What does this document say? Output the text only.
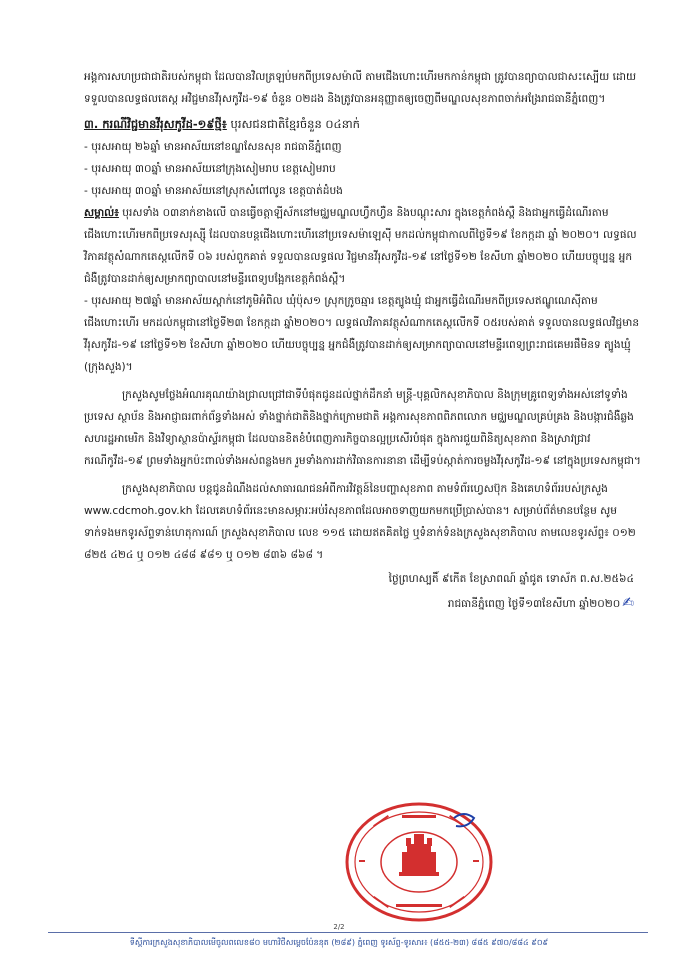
អង្គការសហប្រជាជាតិរបស់កម្ពុជា ដែលបានវិលត្រឡប់មកពីប្រទេសម៉ាលី តាមជើងហោះហើរមកកាន់កម្ពុជា ត្រូវបានព្យាបាលជាសះស្បើយ ដោយទទួលបានលទ្ធផលតេស្ត អវិជ្ជមានវីរុសកូវីដ-១៩ ចំនួន ០២ដង និងត្រូវបានអនុញ្ញាតឲ្យចេញពីមណ្ឌលសុខភាពចាក់អង្រែរាជធានីភ្នំពេញ។

៣. ករណីវិជ្ជមានវីរុសកូវីដ-១៩ថ្មី៖ បុរសជនជាតិខ្មែរចំនួន ០៤នាក់

- បុរសអាយុ ២៦ឆ្នាំ មានអាស័យនៅខណ្ឌសែនសុខ រាជធានីភ្នំពេញ

- បុរសអាយុ ៣០ឆ្នាំ មានអាស័យនៅក្រុងសៀមរាប ខេត្តសៀមរាប

- បុរសអាយុ ៣០ឆ្នាំ មានអាស័យនៅស្រុកសំពៅលូន ខេត្តបាត់ដំបង

សម្គាល់៖ បុរសទាំង ០៣នាក់ខាងលើ បានធ្វើចត្តាឡីស័កនៅមជ្ឈមណ្ឌលហ្វឹកហ្វឺន និងបណ្តុះសារ ក្នុងខេត្តកំពង់ស្ពឺ និងជាអ្នកធ្វើដំណើរតាមជើងហោះហើរមកពីប្រទេសរុស្ស៊ី ដែលបានបន្តជើងហោះហើរនៅប្រទេសម៉ាឡេស៊ី មកដល់កម្ពុជាកាលពីថ្ងៃទី១៩ ខែកក្កដា ឆ្នាំ ២០២០។ លទ្ធផលវិភាគវត្ថុសំណាកតេស្តលើកទី ០៦ របស់ពួកគាត់ ទទួលបានលទ្ធផល វិជ្ជមានវីរុសកូវីដ-១៩ នៅថ្ងៃទី១២ ខែសីហា ឆ្នាំ២០២០ ហើយបច្ចុប្បន្ន អ្នកជំងឺត្រូវបានដាក់ឲ្យសម្រាកព្យាបាលនៅមន្ទីរពេទ្យបង្អែកខេត្តកំពង់ស្ពឺ។

- បុរសអាយុ ២៧ឆ្នាំ មានអាស័យស្ពាក់នៅភូមិអំពិល ឃុំប៉ុស១ ស្រុកក្រូចឆ្មារ ខេត្តត្បូងឃ្មុំ ជាអ្នកធ្វើដំណើរមកពីប្រទេសឥណ្ឌូណេស៊ីតាមជើងហោះហើរ មកដល់កម្ពុជានៅថ្ងៃទី២៣ ខែកក្កដា ឆ្នាំ២០២០។ លទ្ធផលវិភាគវត្ថុសំណាកតេស្តលើកទី ០៥របស់គាត់ ទទួលបានលទ្ធផលវិជ្ជមានវីរុសកូវីដ-១៩ នៅថ្ងៃទី១២ ខែសីហា ឆ្នាំ២០២០ ហើយបច្ចុប្បន្ន អ្នកជំងឺត្រូវបានដាក់ឲ្យសម្រាកព្យាបាលនៅមន្ទីរពេទ្យព្រះរាជគេមរផឹមិនទ ត្បូងឃ្មុំ (ក្រុងសួង)។

ក្រសួងសូមថ្លែងអំណរគុណយ៉ាងជ្រាលជ្រៅជាទីបំផុតជូនដល់ថ្នាក់ដឹកនាំ មន្ត្រី-បុគ្គលិកសុខាភិបាល និងក្រុមគ្រូពេទ្យទាំងអស់នៅទូទាំងប្រទេស ស្ថាប័ន និងអាជ្ញាធរពាក់ព័ន្ធទាំងអស់ ទាំងថ្នាក់ជាតិនិងថ្នាក់ក្រោមជាតិ អង្គការសុខភាពពិភពលោក មជ្ឈមណ្ឌលគ្រប់គ្រង និងបង្ការជំងឺឆ្លងសហរដ្ឋអាមេរិក និងវិទ្យាស្ថានប៉ាស្ទ័រកម្ពុជា ដែលបានខិតខំបំពេញភារកិច្ចបានល្អប្រសើរបំផុត ក្នុងការជួយពិនិត្យសុខភាព និងស្រាវជ្រាវករណីកូវីដ-១៩ ព្រមទាំងអ្នកប៉ះពាល់ទាំងអស់ពន្លងមក រួមទាំងការដាក់វិធានការនានា ដើម្បីទប់ស្កាត់ការចម្លងវីរុសកូវីដ-១៩ នៅក្នុងប្រទេសកម្ពុជា។

ក្រសួងសុខាភិបាល បន្តជូនដំណឹងដល់សាធារណជនអំពីការវិវត្តន៍នៃបញ្ហាសុខភាព តាមទំព័រហ្វេសប៊ុក និងគេហទំព័ររបស់ក្រសួង www.cdcmoh.gov.kh ដែលគេហទំព័រនេះមានសម្ភារៈអប់រំសុខភាពដែលអាចទាញយកមកប្រើប្រាស់បាន។ សម្រាប់ព័ត៌មានបន្ថែម សូមទាក់ទងមកទូរស័ព្ទទាន់ហេតុការណ៍ ក្រសួងសុខាភិបាល លេខ ១១៥ ដោយឥតគិតថ្លៃ ឬទំនាក់ទំនងក្រសួងសុខាភិបាល តាមលេខទូរស័ព្ទ៖ ០១២ ៨២៥ ៤២៤ ឬ ០១២ ៤៨៨ ៩៨១ ឬ ០១២ ៨៣៦ ៨៦៨ ។

ថ្ងៃព្រហស្បតិ៍ ៩កើត ខែស្រាពណ៍ ឆ្នាំជូត ទោស័ក ព.ស.២៥៦៤

រាជធានីភ្នំពេញ ថ្ងៃទី១៣ខែសីហា ឆ្នាំ២០២០ ✍

2/2
ទីស្តីការក្រសួងសុខាភិបាលមើចូលពលេខ៨០ មហាវិថីសម្តេចប៉ែននុត (២៨៩) ភ្នំពេញ ទូរស័ព្ទ-ទូរសារ៖ (៨៥៥-២៣) ៨៨៥ ៩៧០/៨៨៤ ៩០៩
